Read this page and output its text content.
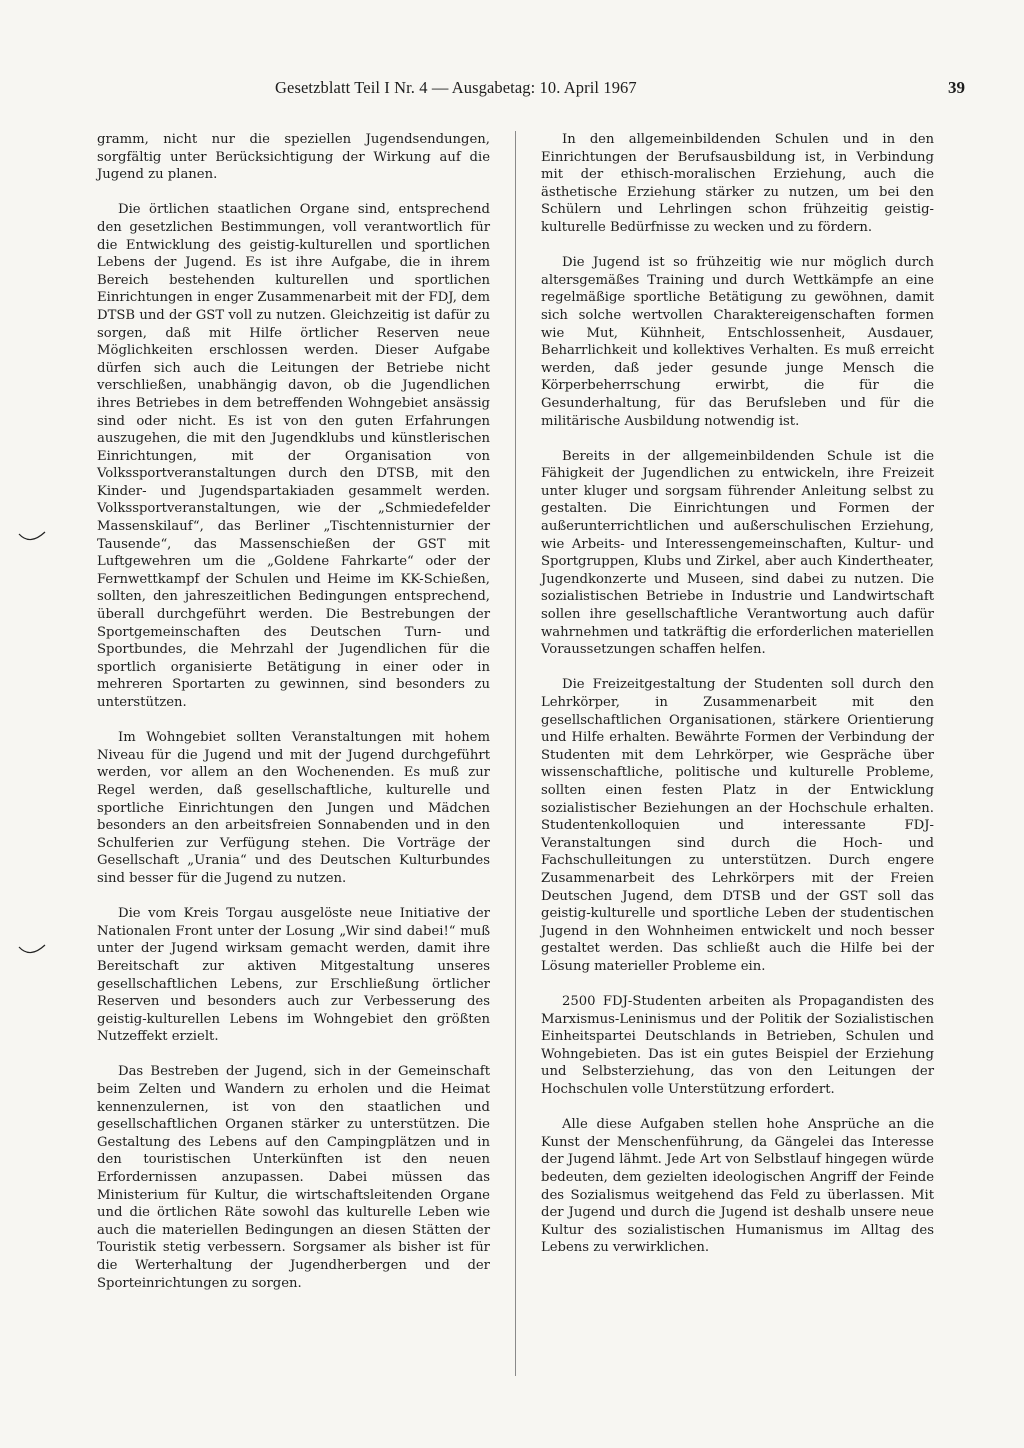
Gesetzblatt Teil I Nr. 4 — Ausgabetag: 10. April 1967	39

gramm, nicht nur die speziellen Jugendsendungen, sorgfältig unter Berücksichtigung der Wirkung auf die Jugend zu planen.

Die örtlichen staatlichen Organe sind, entsprechend den gesetzlichen Bestimmungen, voll verantwortlich für die Entwicklung des geistig-kulturellen und sportlichen Lebens der Jugend. Es ist ihre Aufgabe, die in ihrem Bereich bestehenden kulturellen und sportlichen Einrichtungen in enger Zusammenarbeit mit der FDJ, dem DTSB und der GST voll zu nutzen. Gleichzeitig ist dafür zu sorgen, daß mit Hilfe örtlicher Reserven neue Möglichkeiten erschlossen werden. Dieser Aufgabe dürfen sich auch die Leitungen der Betriebe nicht verschließen, unabhängig davon, ob die Jugendlichen ihres Betriebes in dem betreffenden Wohngebiet ansässig sind oder nicht. Es ist von den guten Erfahrungen auszugehen, die mit den Jugendklubs und künstlerischen Einrichtungen, mit der Organisation von Volkssportveranstaltungen durch den DTSB, mit den Kinder- und Jugendspartakiaden gesammelt werden. Volkssportveranstaltungen, wie der „Schmiedefelder Massenskilauf“, das Berliner „Tischtennisturnier der Tausende“, das Massenschießen der GST mit Luftgewehren um die „Goldene Fahrkarte“ oder der Fernwettkampf der Schulen und Heime im KK-Schießen, sollten, den jahreszeitlichen Bedingungen entsprechend, überall durchgeführt werden. Die Bestrebungen der Sportgemeinschaften des Deutschen Turn- und Sportbundes, die Mehrzahl der Jugendlichen für die sportlich organisierte Betätigung in einer oder in mehreren Sportarten zu gewinnen, sind besonders zu unterstützen.

Im Wohngebiet sollten Veranstaltungen mit hohem Niveau für die Jugend und mit der Jugend durchgeführt werden, vor allem an den Wochenenden. Es muß zur Regel werden, daß gesellschaftliche, kulturelle und sportliche Einrichtungen den Jungen und Mädchen besonders an den arbeitsfreien Sonnabenden und in den Schulferien zur Verfügung stehen. Die Vorträge der Gesellschaft „Urania“ und des Deutschen Kulturbundes sind besser für die Jugend zu nutzen.

Die vom Kreis Torgau ausgelöste neue Initiative der Nationalen Front unter der Losung „Wir sind dabei!“ muß unter der Jugend wirksam gemacht werden, damit ihre Bereitschaft zur aktiven Mitgestaltung unseres gesellschaftlichen Lebens, zur Erschließung örtlicher Reserven und besonders auch zur Verbesserung des geistig-kulturellen Lebens im Wohngebiet den größten Nutzeffekt erzielt.

Das Bestreben der Jugend, sich in der Gemeinschaft beim Zelten und Wandern zu erholen und die Heimat kennenzulernen, ist von den staatlichen und gesellschaftlichen Organen stärker zu unterstützen. Die Gestaltung des Lebens auf den Campingplätzen und in den touristischen Unterkünften ist den neuen Erfordernissen anzupassen. Dabei müssen das Ministerium für Kultur, die wirtschaftsleitenden Organe und die örtlichen Räte sowohl das kulturelle Leben wie auch die materiellen Bedingungen an diesen Stätten der Touristik stetig verbessern. Sorgsamer als bisher ist für die Werterhaltung der Jugendherbergen und der Sporteinrichtungen zu sorgen.

In den allgemeinbildenden Schulen und in den Einrichtungen der Berufsausbildung ist, in Verbindung mit der ethisch-moralischen Erziehung, auch die ästhetische Erziehung stärker zu nutzen, um bei den Schülern und Lehrlingen schon frühzeitig geistig-kulturelle Bedürfnisse zu wecken und zu fördern.

Die Jugend ist so frühzeitig wie nur möglich durch altersgemäßes Training und durch Wettkämpfe an eine regelmäßige sportliche Betätigung zu gewöhnen, damit sich solche wertvollen Charaktereigenschaften formen wie Mut, Kühnheit, Entschlossenheit, Ausdauer, Beharrlichkeit und kollektives Verhalten. Es muß erreicht werden, daß jeder gesunde junge Mensch die Körperbeherrschung erwirbt, die für die Gesunderhaltung, für das Berufsleben und für die militärische Ausbildung notwendig ist.

Bereits in der allgemeinbildenden Schule ist die Fähigkeit der Jugendlichen zu entwickeln, ihre Freizeit unter kluger und sorgsam führender Anleitung selbst zu gestalten. Die Einrichtungen und Formen der außerunterrichtlichen und außerschulischen Erziehung, wie Arbeits- und Interessengemeinschaften, Kultur- und Sportgruppen, Klubs und Zirkel, aber auch Kindertheater, Jugendkonzerte und Museen, sind dabei zu nutzen. Die sozialistischen Betriebe in Industrie und Landwirtschaft sollen ihre gesellschaftliche Verantwortung auch dafür wahrnehmen und tatkräftig die erforderlichen materiellen Voraussetzungen schaffen helfen.

Die Freizeitgestaltung der Studenten soll durch den Lehrkörper, in Zusammenarbeit mit den gesellschaftlichen Organisationen, stärkere Orientierung und Hilfe erhalten. Bewährte Formen der Verbindung der Studenten mit dem Lehrkörper, wie Gespräche über wissenschaftliche, politische und kulturelle Probleme, sollten einen festen Platz in der Entwicklung sozialistischer Beziehungen an der Hochschule erhalten. Studentenkolloquien und interessante FDJ-Veranstaltungen sind durch die Hoch- und Fachschulleitungen zu unterstützen. Durch engere Zusammenarbeit des Lehrkörpers mit der Freien Deutschen Jugend, dem DTSB und der GST soll das geistig-kulturelle und sportliche Leben der studentischen Jugend in den Wohnheimen entwickelt und noch besser gestaltet werden. Das schließt auch die Hilfe bei der Lösung materieller Probleme ein.

2500 FDJ-Studenten arbeiten als Propagandisten des Marxismus-Leninismus und der Politik der Sozialistischen Einheitspartei Deutschlands in Betrieben, Schulen und Wohngebieten. Das ist ein gutes Beispiel der Erziehung und Selbsterziehung, das von den Leitungen der Hochschulen volle Unterstützung erfordert.

Alle diese Aufgaben stellen hohe Ansprüche an die Kunst der Menschenführung, da Gängelei das Interesse der Jugend lähmt. Jede Art von Selbstlauf hingegen würde bedeuten, dem gezielten ideologischen Angriff der Feinde des Sozialismus weitgehend das Feld zu überlassen. Mit der Jugend und durch die Jugend ist deshalb unsere neue Kultur des sozialistischen Humanismus im Alltag des Lebens zu verwirklichen.
